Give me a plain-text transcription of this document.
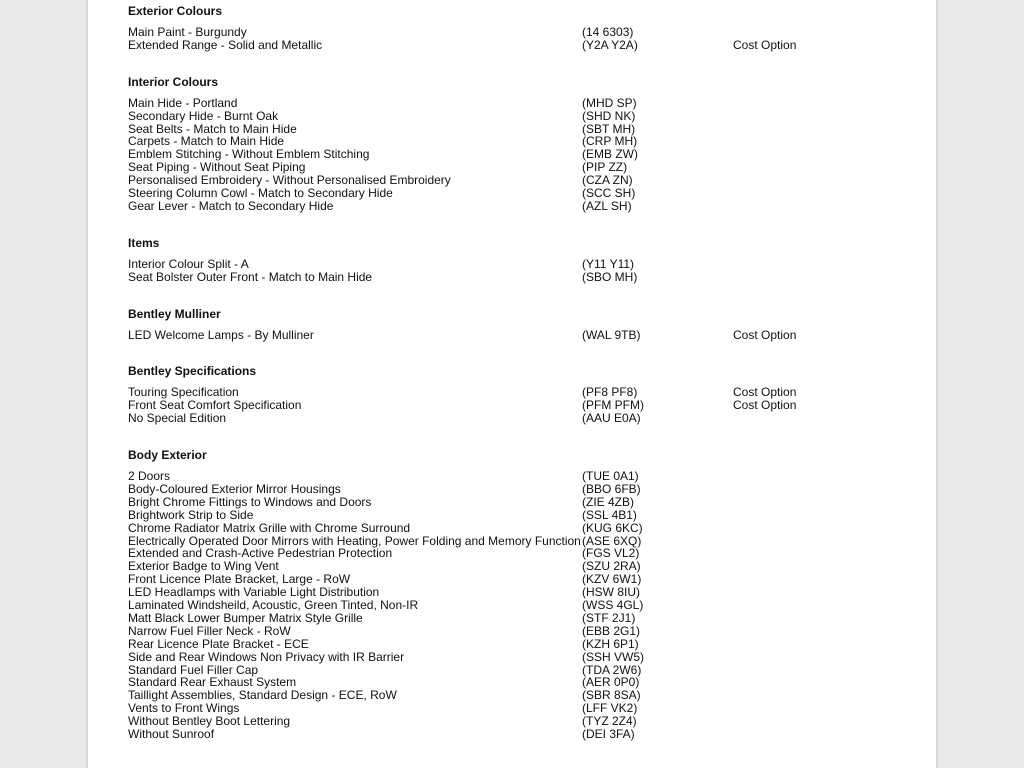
Exterior Colours
Main Paint - Burgundy	(14 6303)
Extended Range - Solid and Metallic	(Y2A Y2A)	Cost Option
Interior Colours
Main Hide - Portland	(MHD SP)
Secondary Hide - Burnt Oak	(SHD NK)
Seat Belts - Match to Main Hide	(SBT MH)
Carpets - Match to Main Hide	(CRP MH)
Emblem Stitching - Without Emblem Stitching	(EMB ZW)
Seat Piping - Without Seat Piping	(PIP ZZ)
Personalised Embroidery - Without Personalised Embroidery	(CZA ZN)
Steering Column Cowl - Match to Secondary Hide	(SCC SH)
Gear Lever - Match to Secondary Hide	(AZL SH)
Items
Interior Colour Split - A	(Y11 Y11)
Seat Bolster Outer Front - Match to Main Hide	(SBO MH)
Bentley Mulliner
LED Welcome Lamps - By Mulliner	(WAL 9TB)	Cost Option
Bentley Specifications
Touring Specification	(PF8 PF8)	Cost Option
Front Seat Comfort Specification	(PFM PFM)	Cost Option
No Special Edition	(AAU E0A)
Body Exterior
2 Doors	(TUE 0A1)
Body-Coloured Exterior Mirror Housings	(BBO 6FB)
Bright Chrome Fittings to Windows and Doors	(ZIE 4ZB)
Brightwork Strip to Side	(SSL 4B1)
Chrome Radiator Matrix Grille with Chrome Surround	(KUG 6KC)
Electrically Operated Door Mirrors with Heating, Power Folding and Memory Function (ASE 6XQ)
Extended and Crash-Active Pedestrian Protection	(FGS VL2)
Exterior Badge to Wing Vent	(SZU 2RA)
Front Licence Plate Bracket, Large - RoW	(KZV 6W1)
LED Headlamps with Variable Light Distribution	(HSW 8IU)
Laminated Windsheild, Acoustic, Green Tinted, Non-IR	(WSS 4GL)
Matt Black Lower Bumper Matrix Style Grille	(STF 2J1)
Narrow Fuel Filler Neck - RoW	(EBB 2G1)
Rear Licence Plate Bracket - ECE	(KZH 6P1)
Side and Rear Windows Non Privacy with IR Barrier	(SSH VW5)
Standard Fuel Filler Cap	(TDA 2W6)
Standard Rear Exhaust System	(AER 0P0)
Taillight Assemblies, Standard Design - ECE, RoW	(SBR 8SA)
Vents to Front Wings	(LFF VK2)
Without Bentley Boot Lettering	(TYZ 2Z4)
Without Sunroof	(DEI 3FA)
